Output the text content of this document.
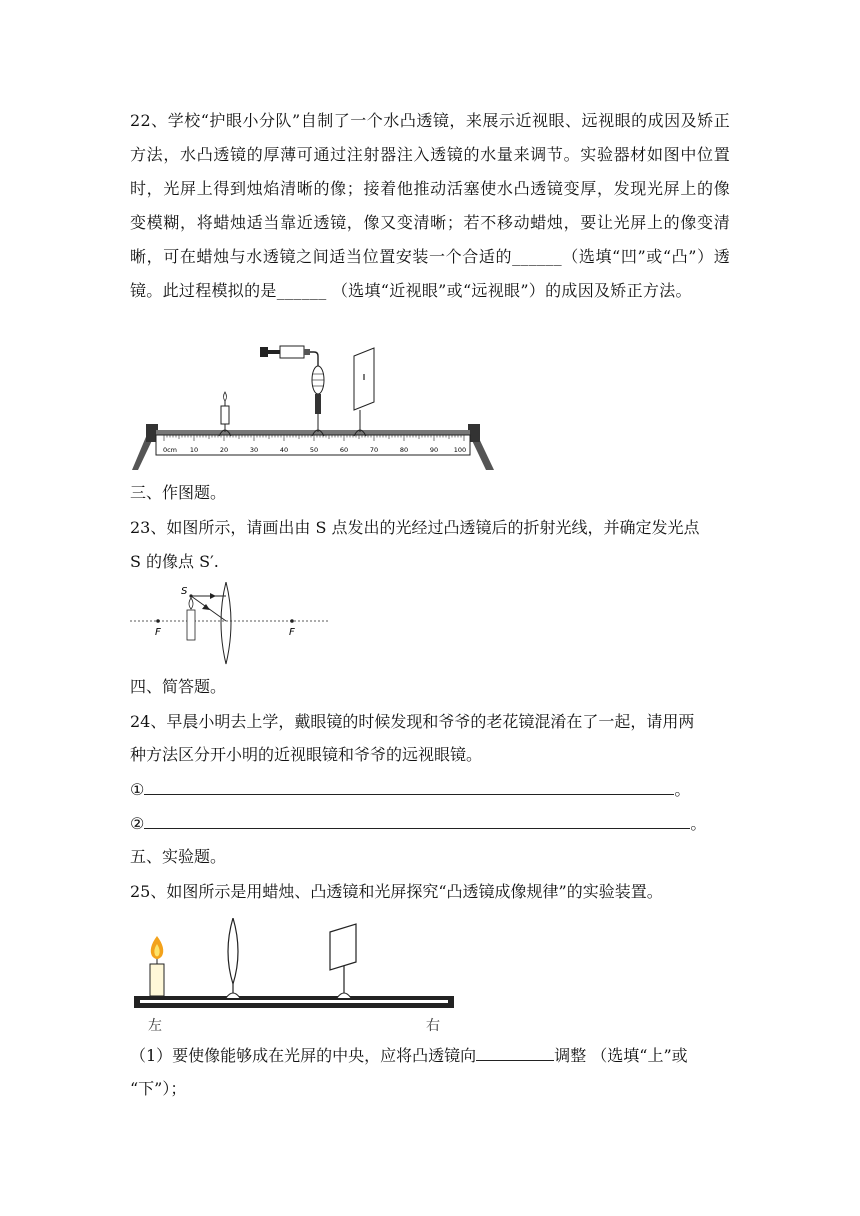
22、学校“护眼小分队”自制了一个水凸透镜，来展示近视眼、远视眼的成因及矫正方法，水凸透镜的厚薄可通过注射器注入透镜的水量来调节。实验器材如图中位置时，光屏上得到烛焰清晰的像；接着他推动活塞使水凸透镜变厚，发现光屏上的像变模糊，将蜡烛适当靠近透镜，像又变清晰；若不移动蜡烛，要让光屏上的像变清晰，可在蜡烛与水透镜之间适当位置安装一个合适的______（选填“凹”或“凸”）透镜。此过程模拟的是______ （选填“近视眼”或“远视眼”）的成因及矫正方法。
0cm 10	20	30	40	50	60	70	80	90 100
三、作图题。
23、如图所示，请画出由 S 点发出的光经过凸透镜后的折射光线，并确定发光点
S 的像点 S′.
F	F
S
四、简答题。
24、早晨小明去上学，戴眼镜的时候发现和爷爷的老花镜混淆在了一起，请用两
种方法区分开小明的近视眼镜和爷爷的远视眼镜。
①	。
②	。
五、实验题。
25、如图所示是用蜡烛、凸透镜和光屏探究“凸透镜成像规律”的实验装置。
左	右
（1）要使像能够成在光屏的中央，应将凸透镜向	调整 （选填“上”或
“下”）；
